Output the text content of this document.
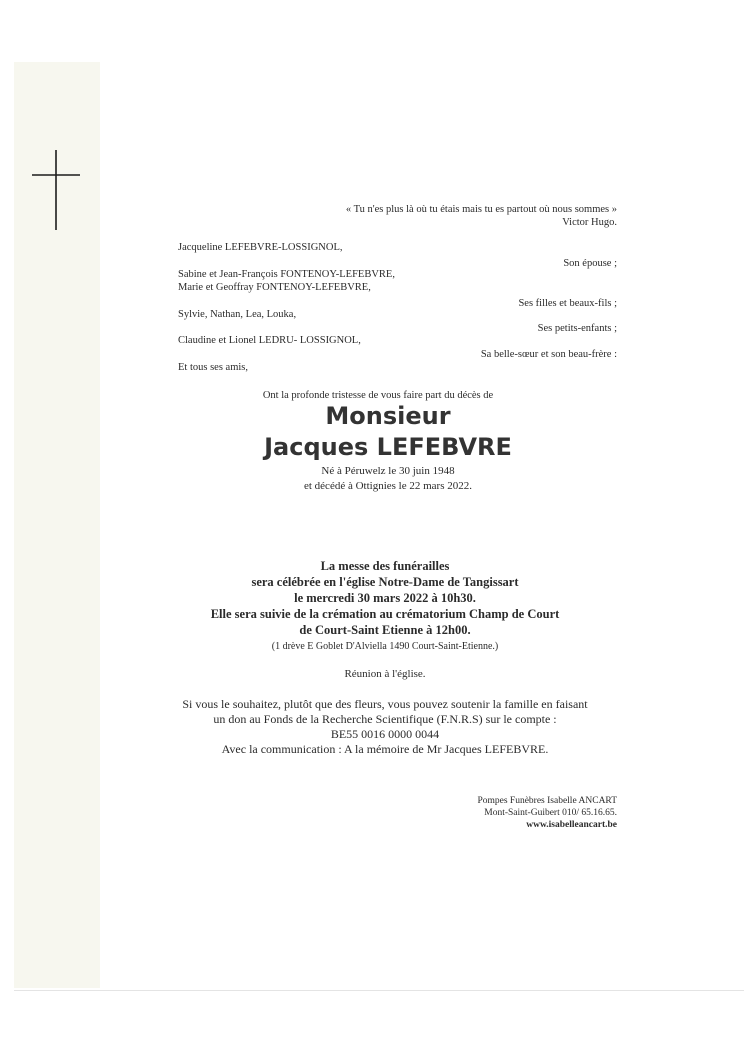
« Tu n'es plus là où tu étais mais tu es partout où nous sommes »
Victor Hugo.
Jacqueline LEFEBVRE-LOSSIGNOL,
Son épouse ;
Sabine et Jean-François FONTENOY-LEFEBVRE,
Marie et Geoffray FONTENOY-LEFEBVRE,
Ses filles et beaux-fils ;
Sylvie, Nathan, Lea, Louka,
Ses petits-enfants ;
Claudine et Lionel LEDRU- LOSSIGNOL,
Sa belle-sœur et son beau-frère :
Et tous ses amis,
Ont la profonde tristesse de vous faire part du décès de
Monsieur
Jacques LEFEBVRE
Né à Péruwelz le 30 juin 1948
et décédé à Ottignies le 22 mars 2022.
La messe des funérailles
sera célébrée en l'église Notre-Dame de Tangissart
le mercredi 30 mars 2022 à 10h30.
Elle sera suivie de la crémation au crématorium Champ de Court
de Court-Saint Etienne à 12h00.
(1 drève E Goblet D'Alviella 1490 Court-Saint-Etienne.)
Réunion à l'église.
Si vous le souhaitez, plutôt que des fleurs, vous pouvez soutenir la famille en faisant
un don au Fonds de la Recherche Scientifique (F.N.R.S) sur le compte :
BE55 0016 0000 0044
Avec la communication : A la mémoire de Mr Jacques LEFEBVRE.
Pompes Funèbres Isabelle ANCART
Mont-Saint-Guibert 010/ 65.16.65.
www.isabelleancart.be
